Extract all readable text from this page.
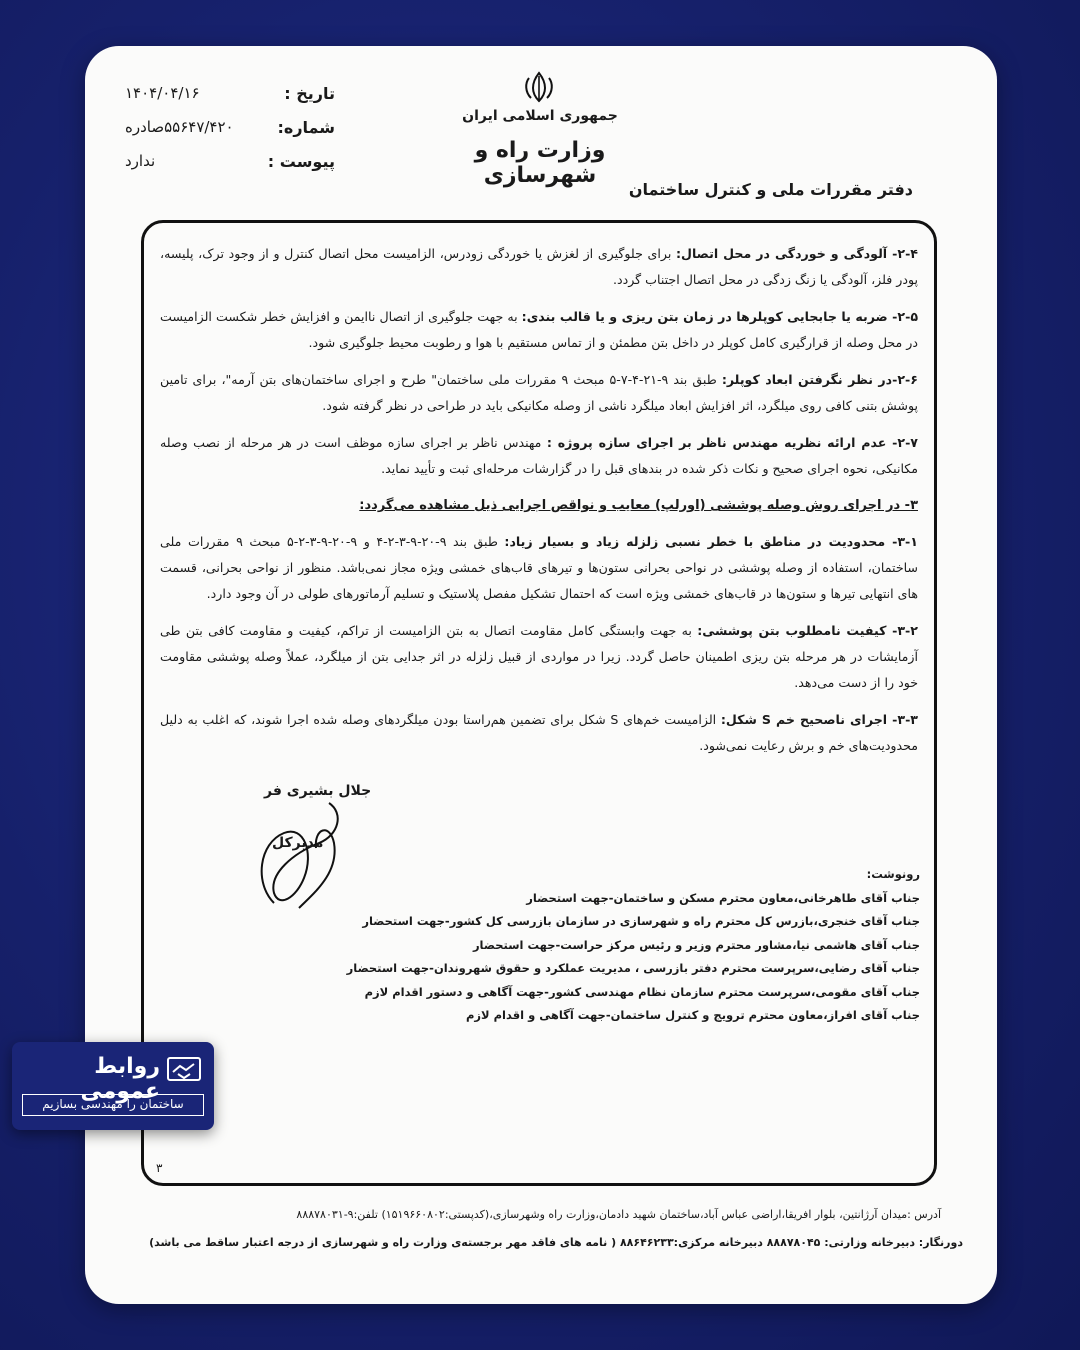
جمهوری اسلامی ایران
وزارت راه و شهرسازی
دفتر مقررات ملی و کنترل ساختمان
تاریخ :
۱۴۰۴/۰۴/۱۶
شماره:
۵۵۶۴۷/۴۲۰صادره
پیوست :
ندارد

۲-۴- آلودگی و خوردگی در محل اتصال: برای جلوگیری از لغزش یا خوردگی زودرس، الزامیست محل اتصال کنترل و از وجود ترک، پلیسه، پودر فلز، آلودگی یا زنگ زدگی در محل اتصال اجتناب گردد.

۲-۵- ضربه یا جابجایی کوپلرها در زمان بتن ریزی و یا قالب بندی: به جهت جلوگیری از اتصال ناایمن و افزایش خطر شکست الزامیست در محل وصله از قرارگیری کامل کوپلر در داخل بتن مطمئن و از تماس مستقیم با هوا و رطوبت محیط جلوگیری شود.

۲-۶-در نظر نگرفتن ابعاد کوپلر: طبق بند ۹-۲۱-۴-۷-۵ مبحث ۹ مقررات ملی ساختمان" طرح و اجرای ساختمان‌های بتن آرمه"، برای تامین پوشش بتنی کافی روی میلگرد، اثر افزایش ابعاد میلگرد ناشی از وصله مکانیکی باید در طراحی در نظر گرفته شود.

۲-۷- عدم ارائه نظریه مهندس ناظر بر اجرای سازه پروژه : مهندس ناظر بر اجرای سازه موظف است در هر مرحله از نصب وصله مکانیکی، نحوه اجرای صحیح و نکات ذکر شده در بندهای قبل را در گزارشات مرحله‌ای ثبت و تأیید نماید.

۳- در اجرای روش وصله پوششی (اورلپ) معایب و نواقص اجرایی ذیل مشاهده می‌گردد:

۳-۱- محدودیت در مناطق با خطر نسبی زلزله زیاد و بسیار زیاد: طبق بند ۹-۲۰-۹-۳-۲-۴ و ۹-۲۰-۹-۳-۲-۵ مبحث ۹ مقررات ملی ساختمان، استفاده از وصله پوششی در نواحی بحرانی ستون‌ها و تیرهای قاب‌های خمشی ویژه مجاز نمی‌باشد. منظور از نواحی بحرانی، قسمت های انتهایی تیرها و ستون‌ها در قاب‌های خمشی ویژه است که احتمال تشکیل مفصل پلاستیک و تسلیم آرماتورهای طولی در آن وجود دارد.

۳-۲- کیفیت نامطلوب بتن پوششی: به جهت وابستگی کامل مقاومت اتصال به بتن الزامیست از تراکم، کیفیت و مقاومت کافی بتن طی آزمایشات در هر مرحله بتن ریزی اطمینان حاصل گردد. زیرا در مواردی از قبیل زلزله در اثر جدایی بتن از میلگرد، عملاً وصله پوششی مقاومت خود را از دست می‌دهد.

۳-۳- اجرای ناصحیح خم S شکل: الزامیست خم‌های S شکل برای تضمین هم‌راستا بودن میلگردهای وصله شده اجرا شوند، که اغلب به دلیل محدودیت‌های خم و برش رعایت نمی‌شود.

جلال بشیری فر
مدیرکل
رونوشت:
جناب آقای طاهرخانی،معاون محترم مسکن و ساختمان-جهت استحضار
جناب آقای خنجری،بازرس کل محترم راه و شهرسازی در سازمان بازرسی کل کشور-جهت استحضار
جناب آقای هاشمی نیا،مشاور محترم وزیر و رئیس مرکز حراست-جهت استحضار
جناب آقای رضایی،سرپرست محترم دفتر بازرسی ، مدیریت عملکرد و حقوق شهروندان-جهت استحضار
جناب آقای مقومی،سرپرست محترم سازمان نظام مهندسی کشور-جهت آگاهی و دستور اقدام لازم
جناب آقای افراز،معاون محترم ترویج و کنترل ساختمان-جهت آگاهی و اقدام لازم
۳
آدرس :میدان آرژانتین، بلوار افریقا،اراضی عباس آباد،ساختمان شهید دادمان،وزارت راه وشهرسازی،(کدپستی:۱۵۱۹۶۶۰۸۰۲) تلفن:۹-۸۸۸۷۸۰۳۱
دورنگار: دبیرخانه وزارتی: ۸۸۸۷۸۰۴۵ دبیرخانه مرکزی:۸۸۶۴۶۲۳۳ ( نامه های فاقد مهر برجسته‌ی وزارت راه و شهرسازی از درجه اعتبار ساقط می باشد)
روابط عمومی
ساختمان را مهندسی بسازیم
